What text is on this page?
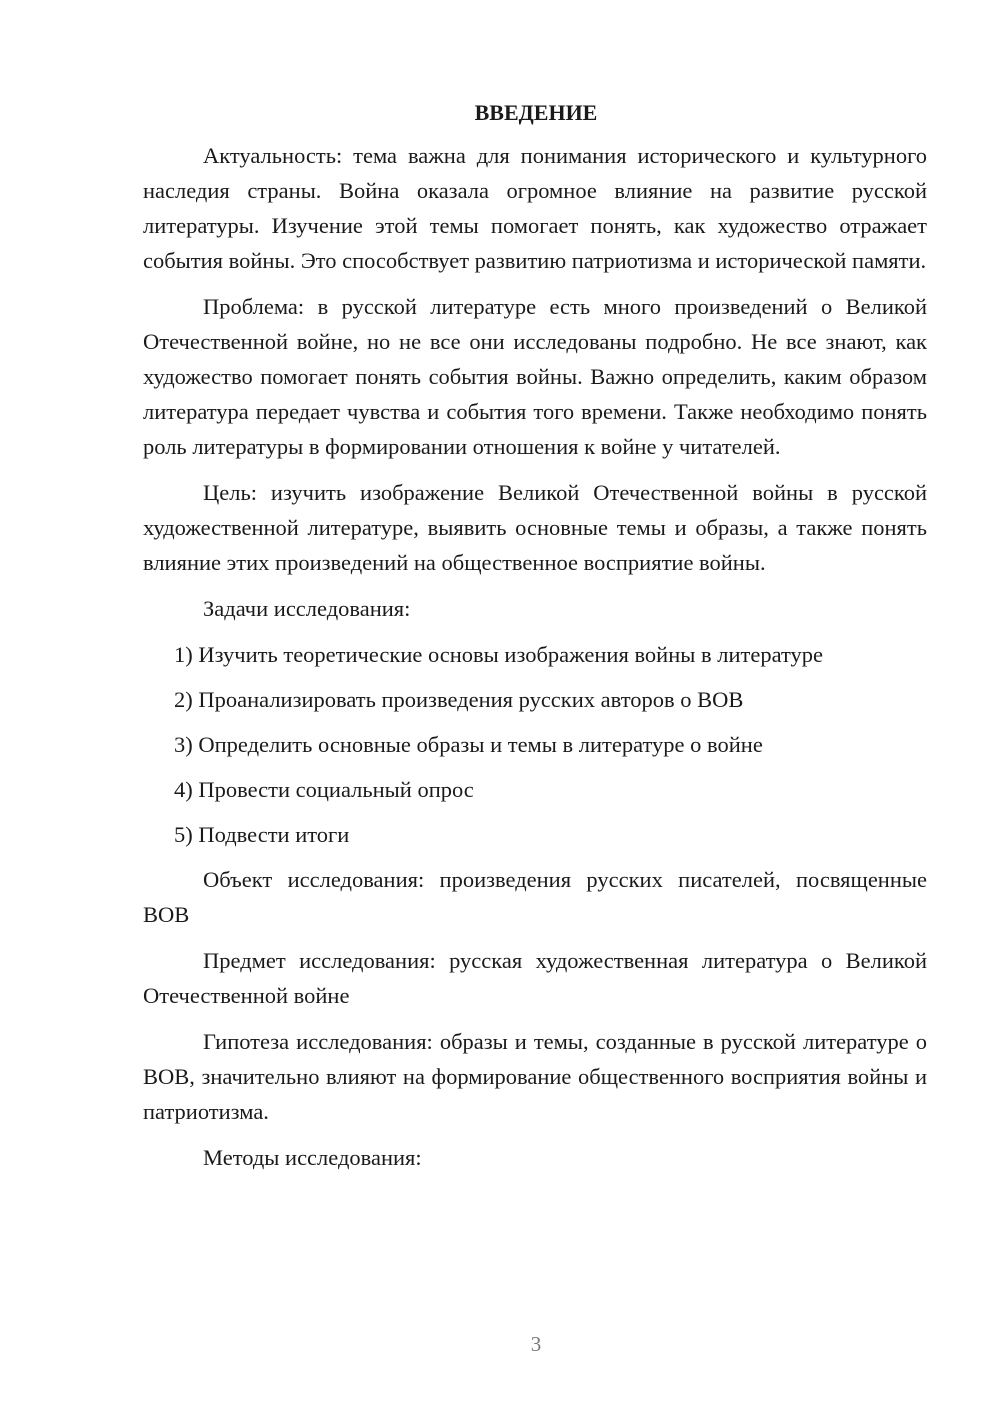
ВВЕДЕНИЕ

Актуальность: тема важна для понимания исторического и культурного наследия страны. Война оказала огромное влияние на развитие русской литературы. Изучение этой темы помогает понять, как художество отражает события войны. Это способствует развитию патриотизма и исторической памяти.

Проблема: в русской литературе есть много произведений о Великой Отечественной войне, но не все они исследованы подробно. Не все знают, как художество помогает понять события войны. Важно определить, каким образом литература передает чувства и события того времени. Также необходимо понять роль литературы в формировании отношения к войне у читателей.

Цель: изучить изображение Великой Отечественной войны в русской художественной литературе, выявить основные темы и образы, а также понять влияние этих произведений на общественное восприятие войны.

Задачи исследования:

1) Изучить теоретические основы изображения войны в литературе
2) Проанализировать произведения русских авторов о ВОВ
3) Определить основные образы и темы в литературе о войне
4) Провести социальный опрос
5) Подвести итоги

Объект исследования: произведения русских писателей, посвященные ВОВ

Предмет исследования: русская художественная литература о Великой Отечественной войне

Гипотеза исследования: образы и темы, созданные в русской литературе о ВОВ, значительно влияют на формирование общественного восприятия войны и патриотизма.

Методы исследования:

3
